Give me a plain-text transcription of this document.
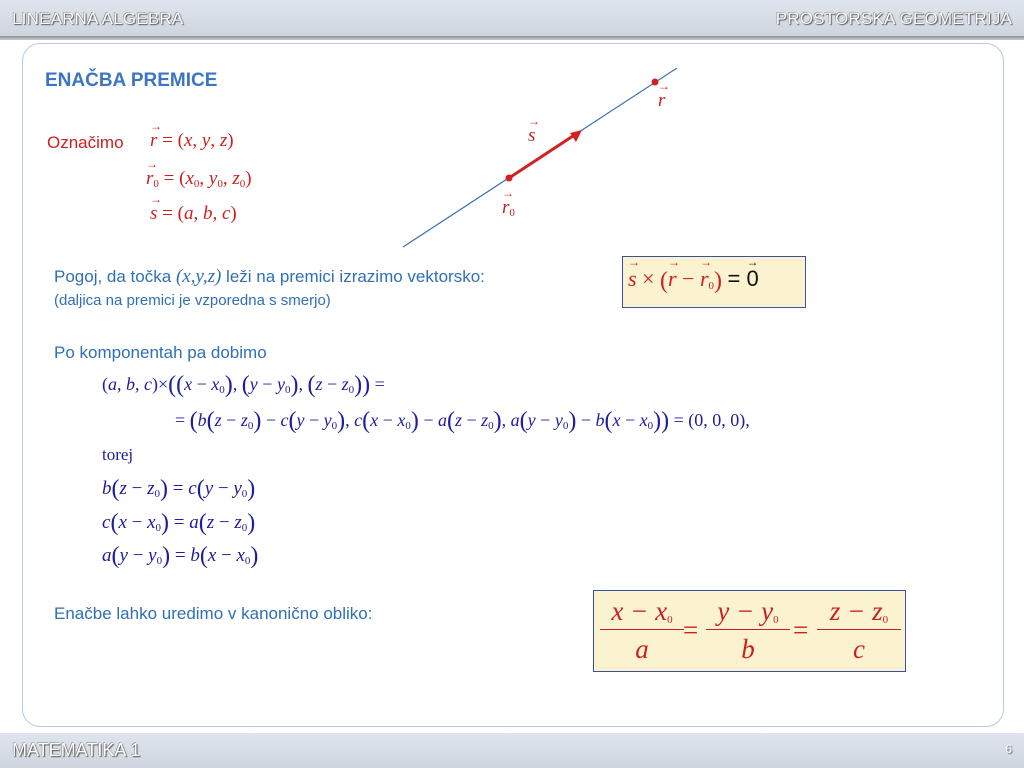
LINEARNA ALGEBRA	PROSTORSKA GEOMETRIJA
ENAČBA PREMICE
Označimo
→ r = (x, y, z)
→ $r_0 = (x_0$, $y_0$, $z_0$)
→ s = (a, b, c)
→ r
→ s
→ $r_0$
Pogoj, da točka (x,y,z) leži na premici izrazimo vektorsko:
(daljica na premici je vzporedna s smerjo)
→ s × (→ r − → $r_0$) = → 0
Po komponentah pa dobimo
(a, b, $c)\times((x - x_0)$, $(y - y_0)$, $(z - z_0)$) =
= ($b(z - z_0) - c(y - y_0)$, $c(x - x_0) - a(z - z_0)$, $a(y - y_0) - b(x - x_0)) = (0$, 0, 0),
torej
$b(z - z_0) = c(y - y_0)$
$c(x - x_0) = a(z - z_0)$
$a(y - y_0) = b(x - x_0)$
Enačbe lahko uredimo v kanonično obliko:	$\frac{x - x_0}{a} = \frac{y - y_0}{b} = \frac{z - z_0}{c}$
MATEMATIKA 1	6
